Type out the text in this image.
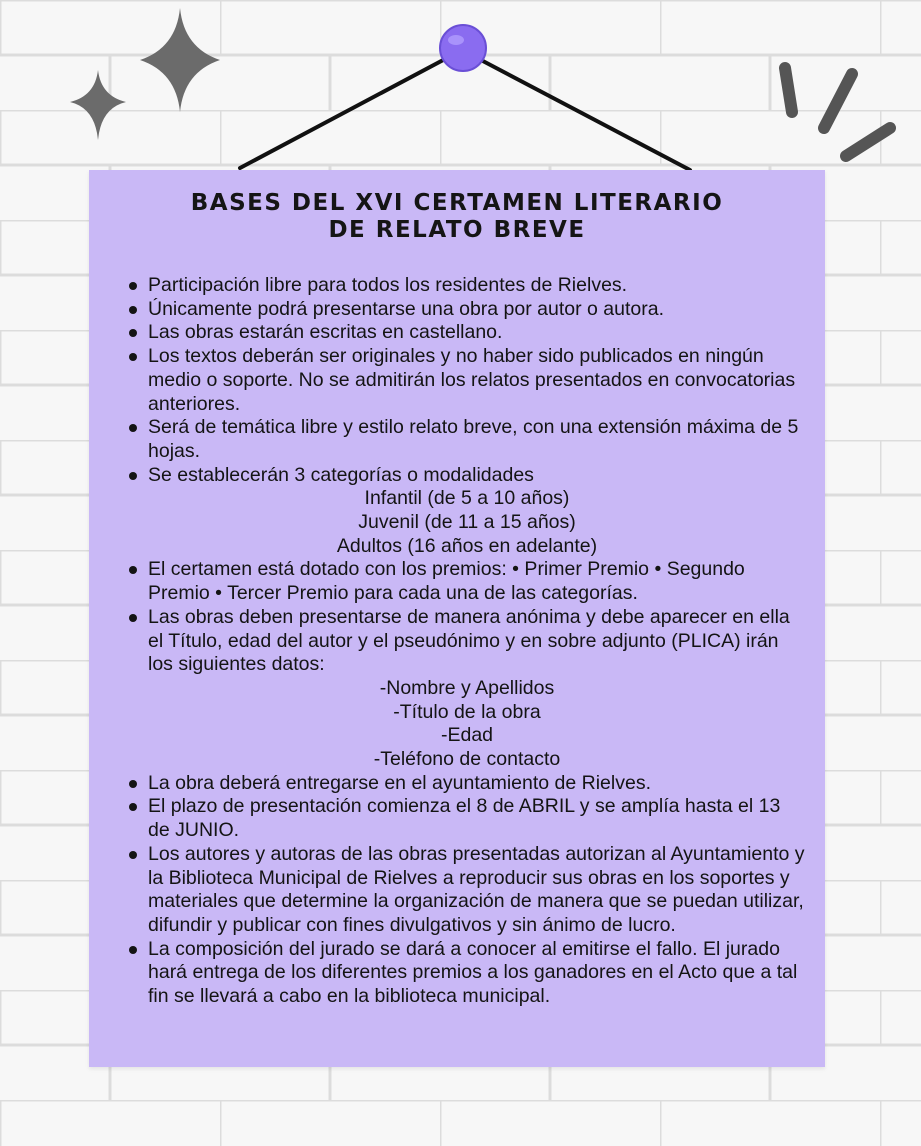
BASES DEL XVI CERTAMEN LITERARIO
DE RELATO BREVE
Participación libre para todos los residentes de Rielves.
Únicamente podrá presentarse una obra por autor o autora.
Las obras estarán escritas en castellano.
Los textos deberán ser originales y no haber sido publicados en ningún medio o soporte. No se admitirán los relatos presentados en convocatorias anteriores.
Será de temática libre y estilo relato breve, con una extensión máxima de 5 hojas.
Se establecerán 3 categorías o modalidades
Infantil (de 5 a 10 años)
Juvenil (de 11 a 15 años)
Adultos (16 años en adelante)
El certamen está dotado con los premios: • Primer Premio • Segundo Premio • Tercer Premio para cada una de las categorías.
Las obras deben presentarse de manera anónima y debe aparecer en ella el Título, edad del autor y el pseudónimo y en sobre adjunto (PLICA) irán los siguientes datos:
-Nombre y Apellidos
-Título de la obra
-Edad
-Teléfono de contacto
La obra deberá entregarse en el ayuntamiento de Rielves.
El plazo de presentación comienza el 8 de ABRIL y se amplía hasta el 13 de JUNIO.
Los autores y autoras de las obras presentadas autorizan al Ayuntamiento y la Biblioteca Municipal de Rielves a reproducir sus obras en los soportes y materiales que determine la organización de manera que se puedan utilizar, difundir y publicar con fines divulgativos y sin ánimo de lucro.
La composición del jurado se dará a conocer al emitirse el fallo. El jurado hará entrega de los diferentes premios a los ganadores en el Acto que a tal fin se llevará a cabo en la biblioteca municipal.
